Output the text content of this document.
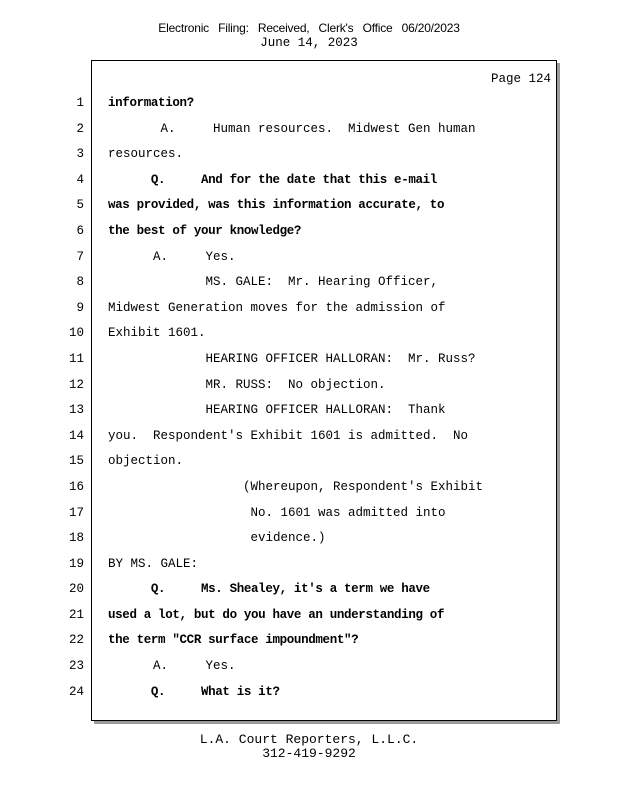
Electronic Filing: Received, Clerk's Office 06/20/2023
June 14, 2023
Page 124
1
2
3
4
5
6
7
8
9
10
11
12
13
14
15
16
17
18
19
20
21
22
23
24
information?
A.     Human resources.  Midwest Gen human
resources.
Q.     And for the date that this e-mail
was provided, was this information accurate, to
the best of your knowledge?
A.     Yes.
MS. GALE:  Mr. Hearing Officer,
Midwest Generation moves for the admission of
Exhibit 1601.
HEARING OFFICER HALLORAN:  Mr. Russ?
MR. RUSS:  No objection.
HEARING OFFICER HALLORAN:  Thank
you.  Respondent's Exhibit 1601 is admitted.  No
objection.
(Whereupon, Respondent's Exhibit
No. 1601 was admitted into
evidence.)
BY MS. GALE:
Q.     Ms. Shealey, it's a term we have
used a lot, but do you have an understanding of
the term "CCR surface impoundment"?
A.     Yes.
Q.     What is it?
L.A. Court Reporters, L.L.C.
312-419-9292
